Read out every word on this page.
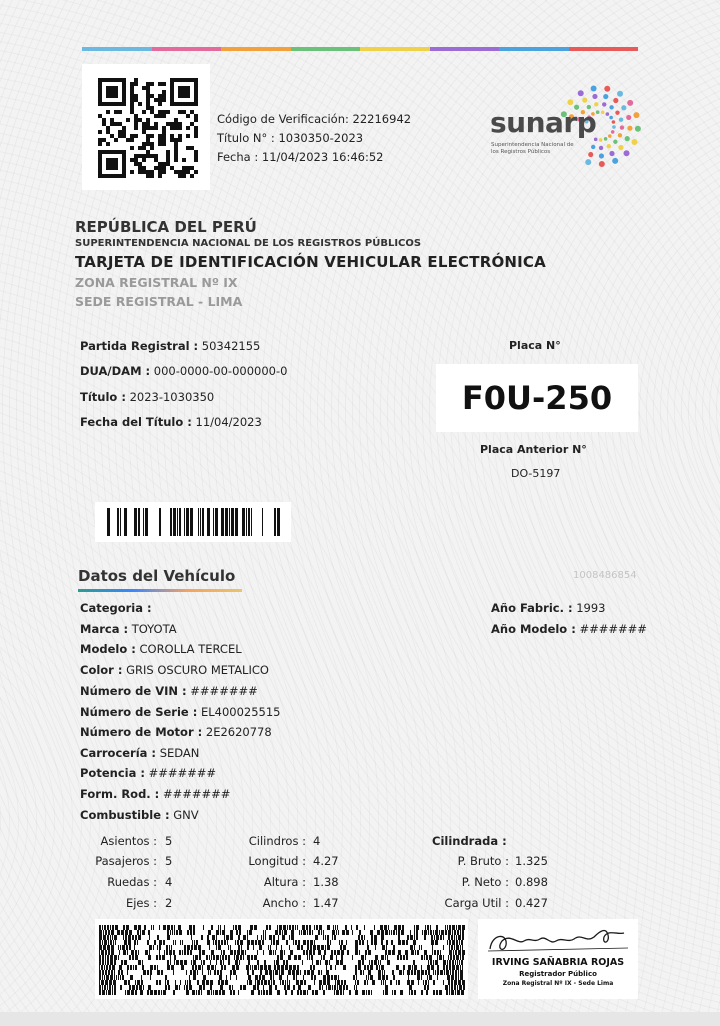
Código de Verificación: 22216942
Título N° : 1030350-2023
Fecha : 11/04/2023 16:46:52
sunarp
Superintendencia Nacional de los Registros Públicos
REPÚBLICA DEL PERÚ
SUPERINTENDENCIA NACIONAL DE LOS REGISTROS PÚBLICOS
TARJETA DE IDENTIFICACIÓN VEHICULAR ELECTRÓNICA
ZONA REGISTRAL Nº IX
SEDE REGISTRAL - LIMA
Partida Registral : 50342155
DUA/DAM : 000-0000-00-000000-0
Título : 2023-1030350
Fecha del Título : 11/04/2023
Placa N°
F0U-250
Placa Anterior N°
DO-5197
Datos del Vehículo	1008486854
Categoria :
Marca : TOYOTA
Modelo : COROLLA TERCEL
Color : GRIS OSCURO METALICO
Número de VIN : #######
Número de Serie : EL400025515
Número de Motor : 2E2620778
Carrocería : SEDAN
Potencia : #######
Form. Rod. : #######
Combustible : GNV
Año Fabric. : 1993
Año Modelo : #######
Asientos : 5
Pasajeros : 5
Ruedas : 4
Ejes : 2
Cilindros : 4
Longitud : 4.27
Altura : 1.38
Ancho : 1.47
Cilindrada :
P. Bruto : 1.325
P. Neto : 0.898
Carga Util : 0.427
IRVING SAÑABRIA ROJAS
Registrador Público
Zona Registral Nº IX - Sede Lima
